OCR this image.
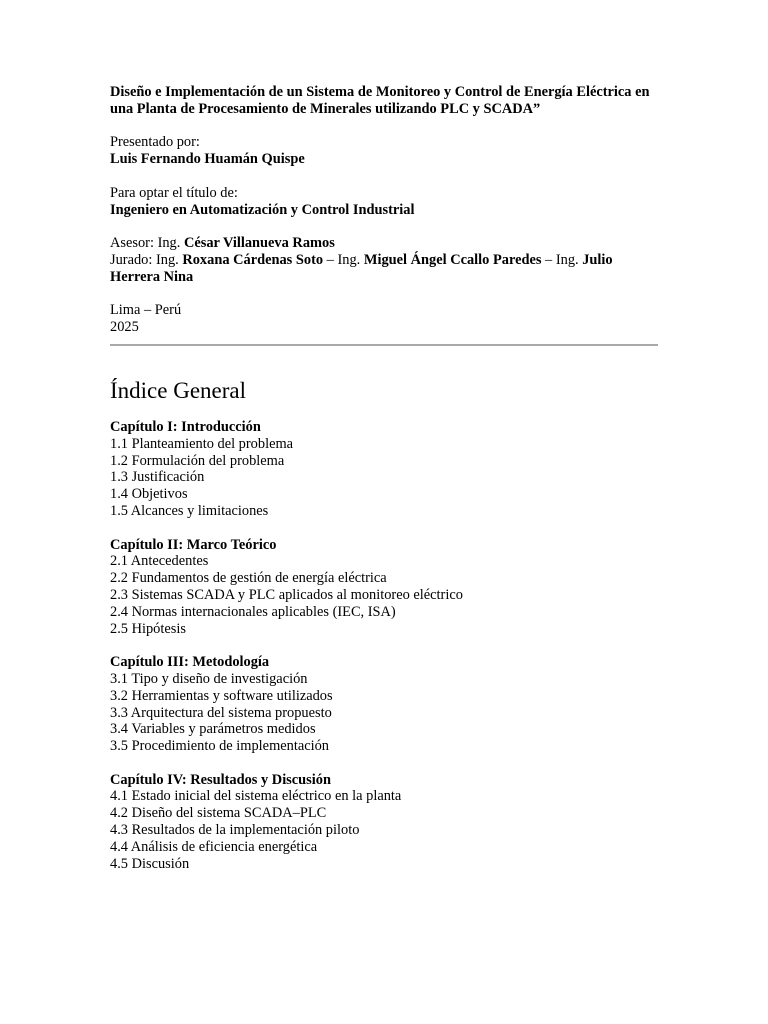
Diseño e Implementación de un Sistema de Monitoreo y Control de Energía Eléctrica en una Planta de Procesamiento de Minerales utilizando PLC y SCADA”

Presentado por:

Luis Fernando Huamán Quispe

Para optar el título de:

Ingeniero en Automatización y Control Industrial

Asesor: Ing. César Villanueva Ramos

Jurado: Ing. Roxana Cárdenas Soto – Ing. Miguel Ángel Ccallo Paredes – Ing. Julio Herrera Nina

Lima – Perú

2025

Índice General

Capítulo I: Introducción

1.1 Planteamiento del problema

1.2 Formulación del problema

1.3 Justificación

1.4 Objetivos

1.5 Alcances y limitaciones

Capítulo II: Marco Teórico

2.1 Antecedentes

2.2 Fundamentos de gestión de energía eléctrica

2.3 Sistemas SCADA y PLC aplicados al monitoreo eléctrico

2.4 Normas internacionales aplicables (IEC, ISA)

2.5 Hipótesis

Capítulo III: Metodología

3.1 Tipo y diseño de investigación

3.2 Herramientas y software utilizados

3.3 Arquitectura del sistema propuesto

3.4 Variables y parámetros medidos

3.5 Procedimiento de implementación

Capítulo IV: Resultados y Discusión

4.1 Estado inicial del sistema eléctrico en la planta

4.2 Diseño del sistema SCADA–PLC

4.3 Resultados de la implementación piloto

4.4 Análisis de eficiencia energética

4.5 Discusión
